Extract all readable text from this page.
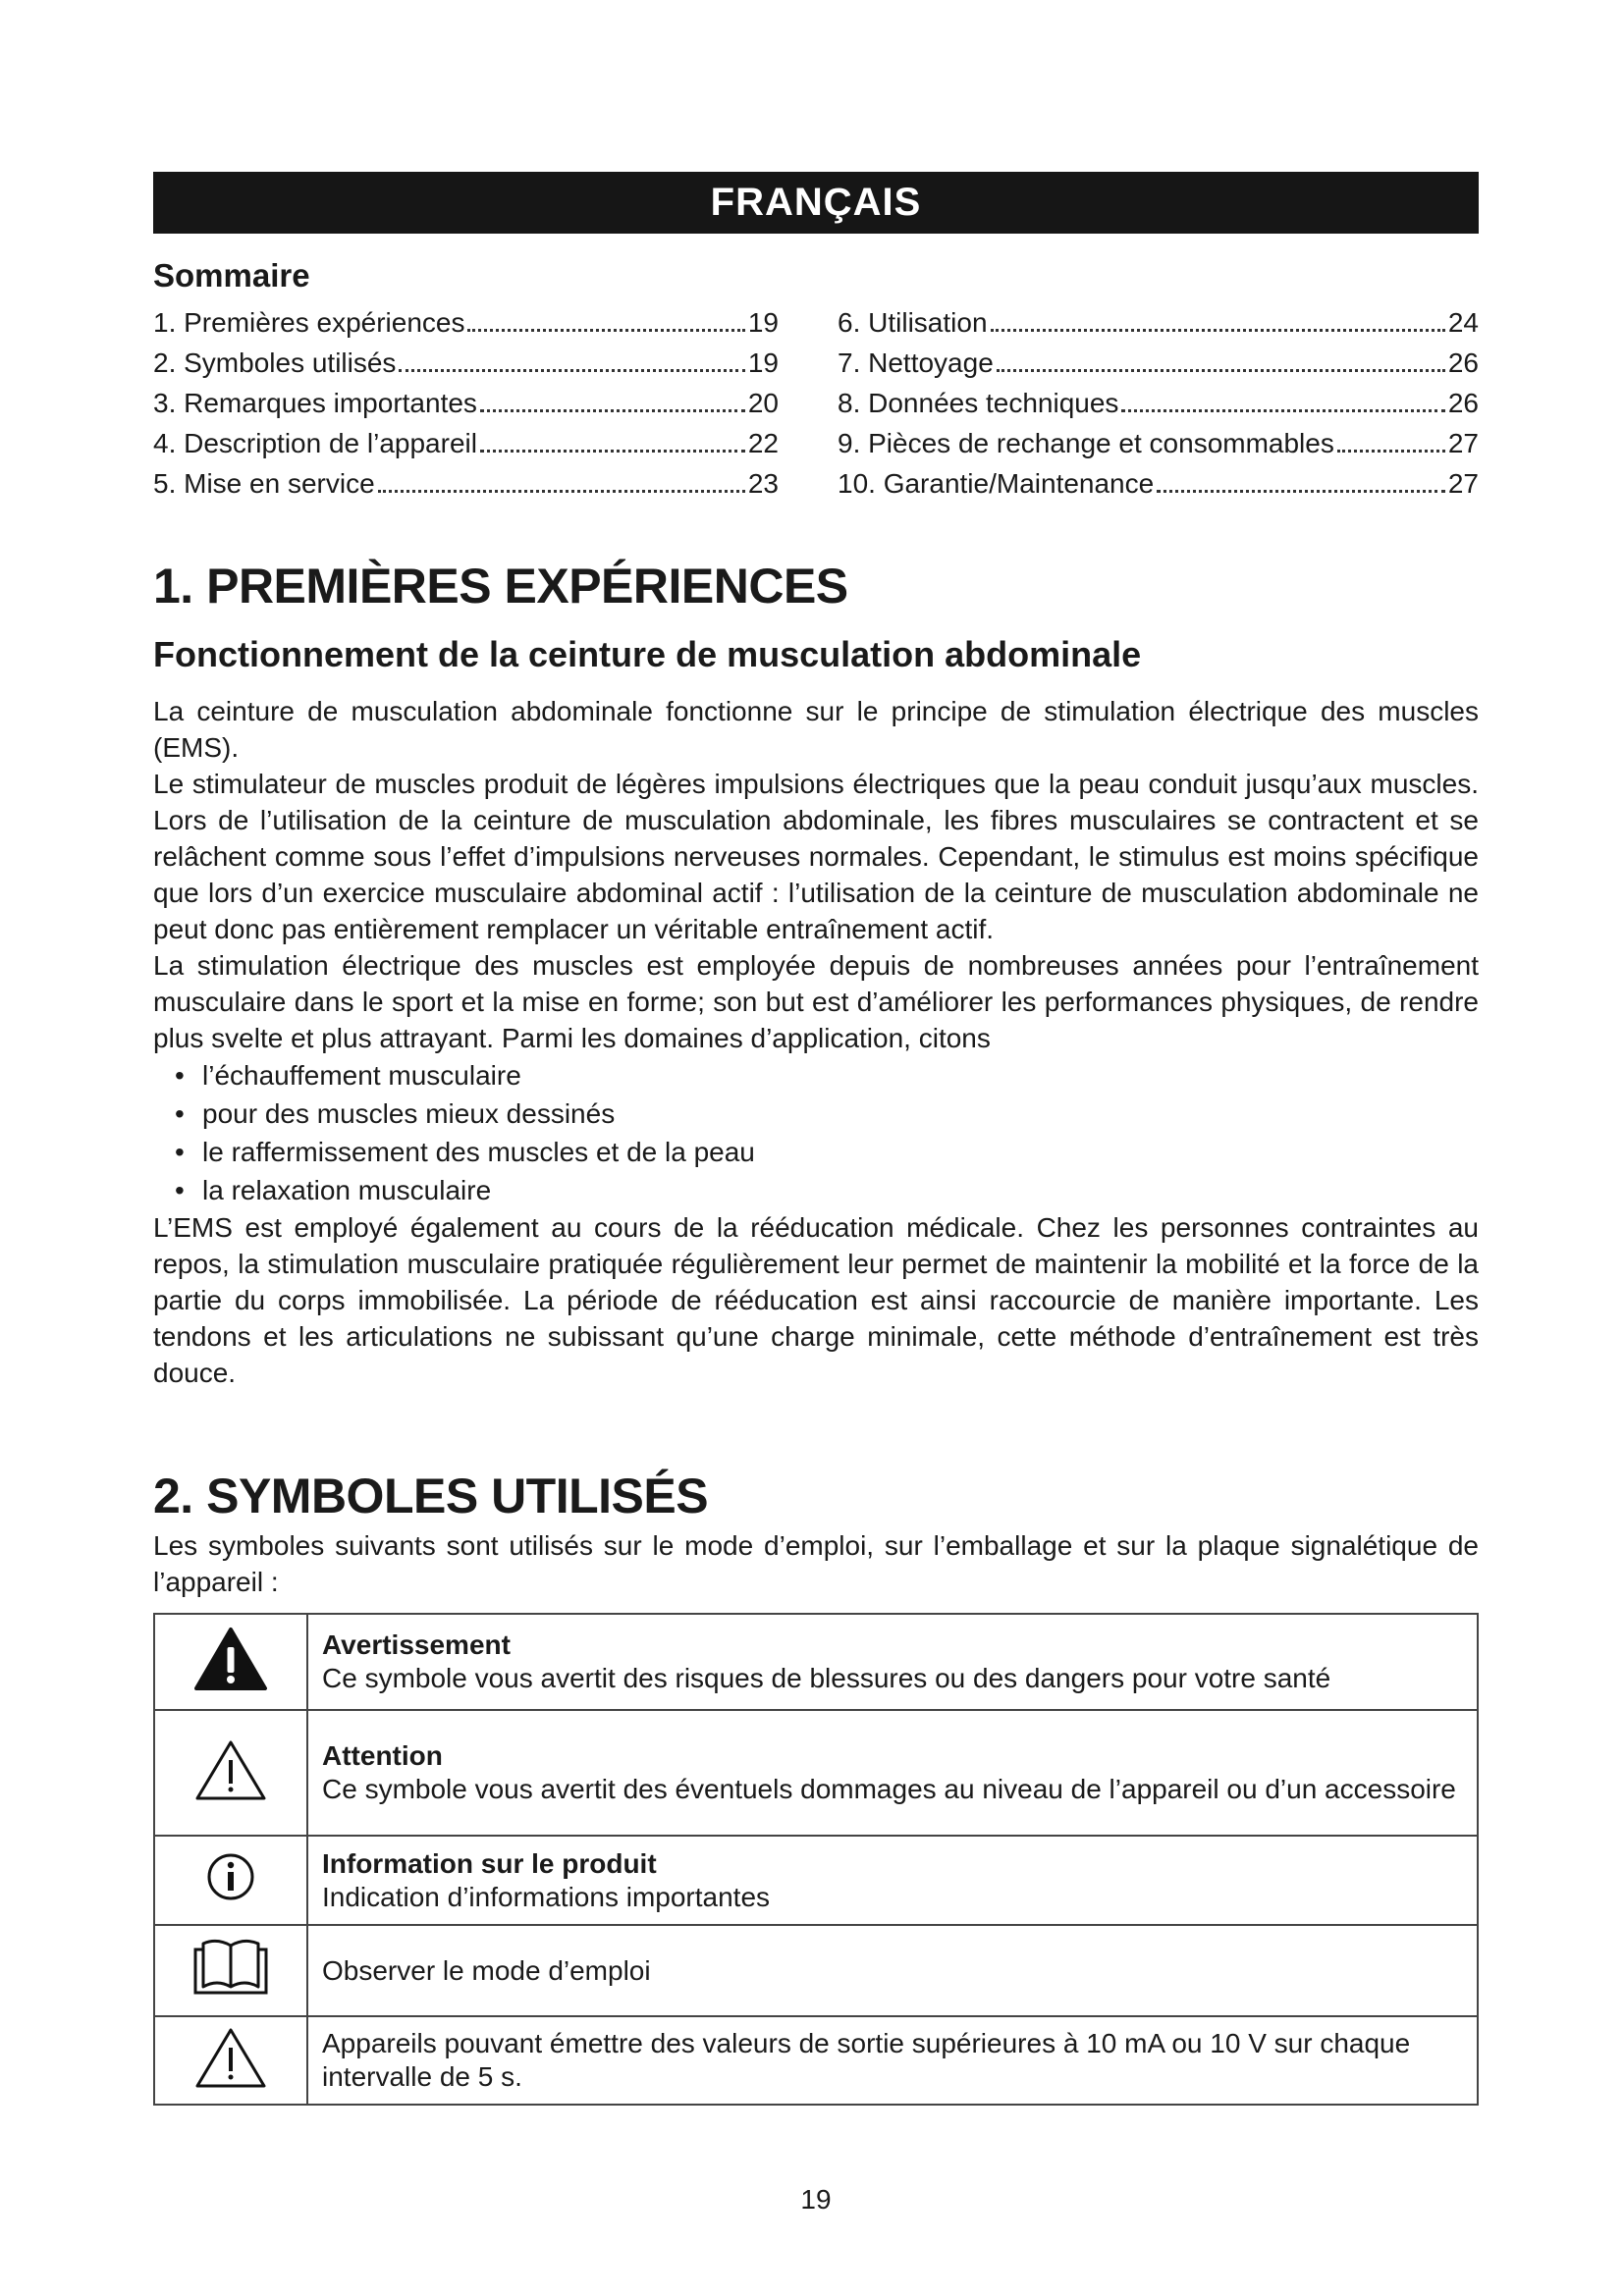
FRANÇAIS
Sommaire
1. Premières expériences	19
2. Symboles utilisés	19
3. Remarques importantes	20
4. Description de l’appareil	22
5. Mise en service	23
6. Utilisation	24
7. Nettoyage	26
8. Données techniques	26
9. Pièces de rechange et consommables	27
10. Garantie/Maintenance	27
1. PREMIÈRES EXPÉRIENCES
Fonctionnement de la ceinture de musculation abdominale

La ceinture de musculation abdominale fonctionne sur le principe de stimulation électrique des muscles (EMS).

Le stimulateur de muscles produit de légères impulsions électriques que la peau conduit jusqu’aux muscles. Lors de l’utilisation de la ceinture de musculation abdominale, les fibres musculaires se contractent et se relâchent comme sous l’effet d’impulsions nerveuses normales. Cependant, le stimulus est moins spécifique que lors d’un exercice musculaire abdominal actif : l’utilisation de la ceinture de musculation abdominale ne peut donc pas entièrement remplacer un véritable entraînement actif.

La stimulation électrique des muscles est employée depuis de nombreuses années pour l’entraînement musculaire dans le sport et la mise en forme; son but est d’améliorer les performances physiques, de rendre plus svelte et plus attrayant. Parmi les domaines d’application, citons

• l’échauffement musculaire
• pour des muscles mieux dessinés
• le raffermissement des muscles et de la peau
• la relaxation musculaire

L’EMS est employé également au cours de la rééducation médicale. Chez les personnes contraintes au repos, la stimulation musculaire pratiquée régulièrement leur permet de maintenir la mobilité et la force de la partie du corps immobilisée. La période de rééducation est ainsi raccourcie de manière importante. Les tendons et les articulations ne subissant qu’une charge minimale, cette méthode d’entraînement est très douce.

2. SYMBOLES UTILISÉS

Les symboles suivants sont utilisés sur le mode d’emploi, sur l’emballage et sur la plaque signalétique de l’appareil :

Avertissement
Ce symbole vous avertit des risques de blessures ou des dangers pour votre santé

Attention
Ce symbole vous avertit des éventuels dommages au niveau de l’appareil ou d’un accessoire

Information sur le produit
Indication d’informations importantes
	Observer le mode d’emploi
	Appareils pouvant émettre des valeurs de sortie supérieures à 10 mA ou 10 V sur chaque intervalle de 5 s.
19
